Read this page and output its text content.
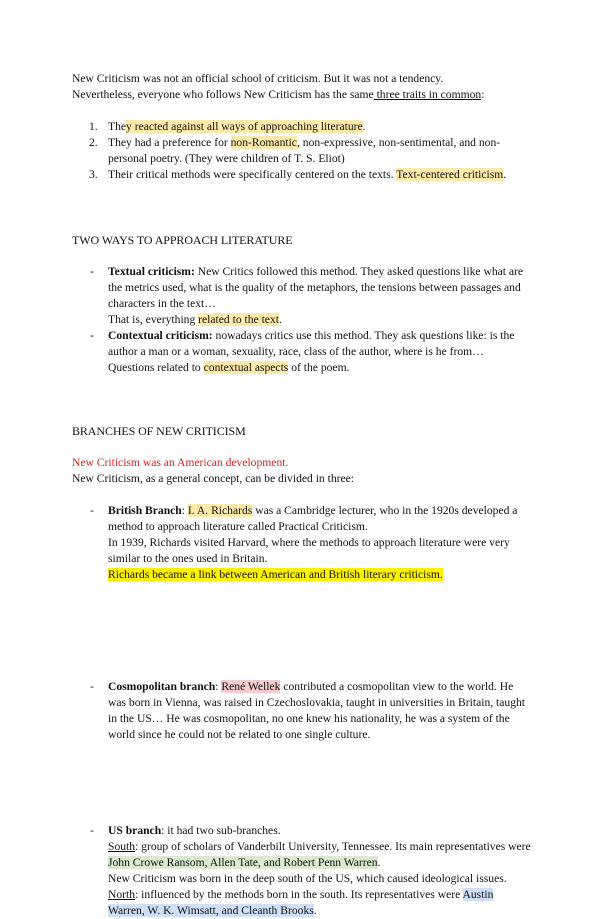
New Criticism was not an official school of criticism. But it was not a tendency.

Nevertheless, everyone who follows New Criticism has the same three traits in common:

1. They reacted against all ways of approaching literature.

2. They had a preference for non-Romantic, non-expressive, non-sentimental, and non-personal poetry. (They were children of T. S. Eliot)

3. Their critical methods were specifically centered on the texts. Text-centered criticism.

TWO WAYS TO APPROACH LITERATURE
- Textual criticism: New Critics followed this method. They asked questions like what are the metrics used, what is the quality of the metaphors, the tensions between passages and characters in the text…

That is, everything related to the text.

- Contextual criticism: nowadays critics use this method. They ask questions like: is the author a man or a woman, sexuality, race, class of the author, where is he from…

Questions related to contextual aspects of the poem.

BRANCHES OF NEW CRITICISM

New Criticism was an American development.

New Criticism, as a general concept, can be divided in three:

- British Branch: I. A. Richards was a Cambridge lecturer, who in the 1920s developed a method to approach literature called Practical Criticism.

In 1939, Richards visited Harvard, where the methods to approach literature were very similar to the ones used in Britain.

Richards became a link between American and British literary criticism.

- Cosmopolitan branch: René Wellek contributed a cosmopolitan view to the world. He was born in Vienna, was raised in Czechoslovakia, taught in universities in Britain, taught in the US… He was cosmopolitan, no one knew his nationality, he was a system of the world since he could not be related to one single culture.

- US branch: it had two sub-branches.

South: group of scholars of Vanderbilt University, Tennessee. Its main representatives were John Crowe Ransom, Allen Tate, and Robert Penn Warren.

New Criticism was born in the deep south of the US, which caused ideological issues.

North: influenced by the methods born in the south. Its representatives were Austin Warren, W. K. Wimsatt, and Cleanth Brooks.
